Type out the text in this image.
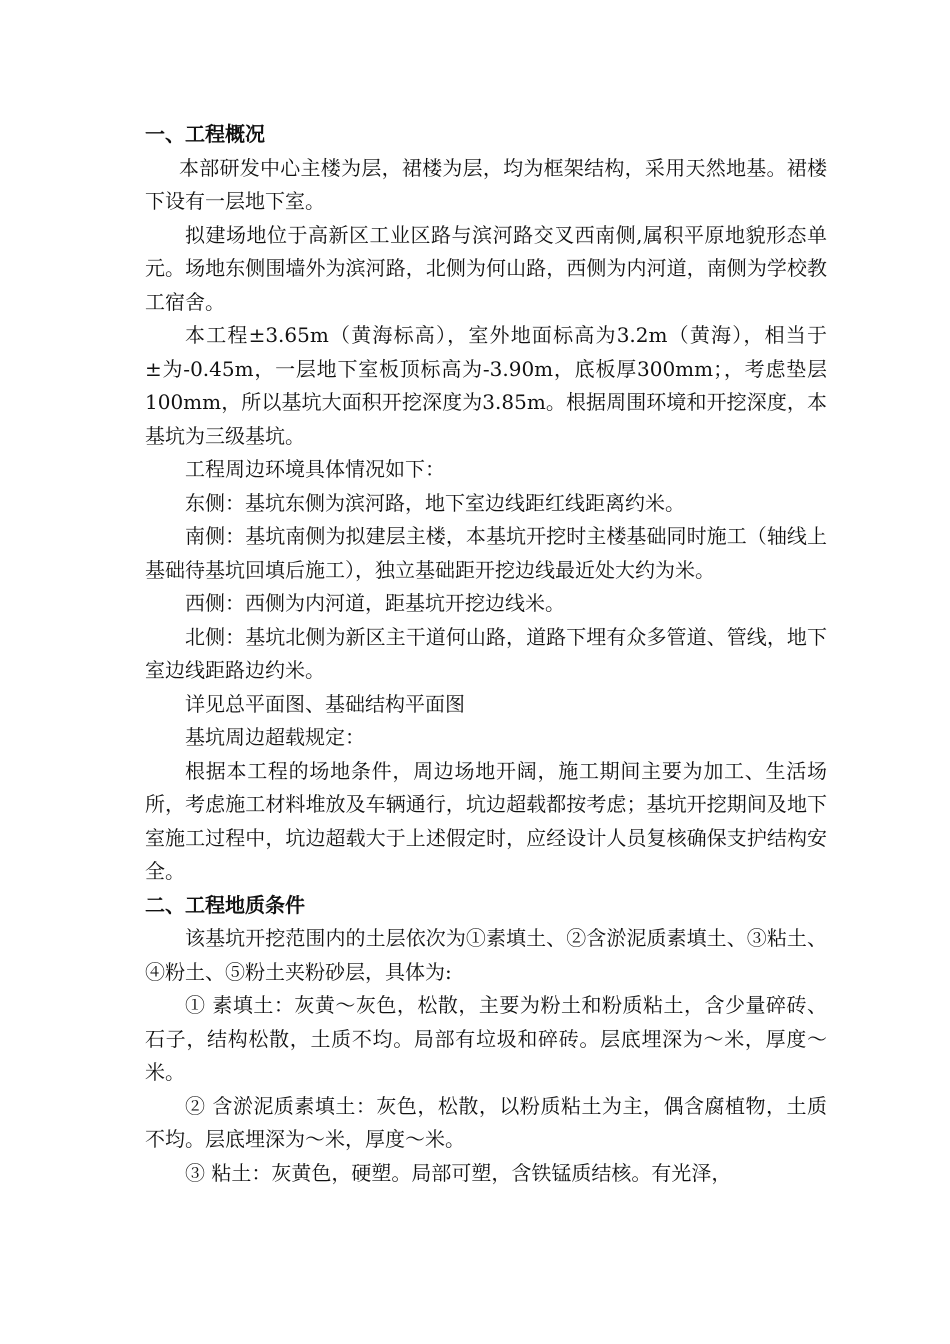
一、工程概况

本部研发中心主楼为层，裙楼为层，均为框架结构，采用天然地基。裙楼下设有一层地下室。

拟建场地位于高新区工业区路与滨河路交叉西南侧,属积平原地貌形态单元。场地东侧围墙外为滨河路，北侧为何山路，西侧为内河道，南侧为学校教工宿舍。

本工程±3.65m（黄海标高），室外地面标高为3.2m（黄海），相当于±为-0.45m，一层地下室板顶标高为-3.90m，底板厚300mm；，考虑垫层100mm，所以基坑大面积开挖深度为3.85m。根据周围环境和开挖深度，本基坑为三级基坑。

工程周边环境具体情况如下：

东侧：基坑东侧为滨河路，地下室边线距红线距离约米。

南侧：基坑南侧为拟建层主楼，本基坑开挖时主楼基础同时施工（轴线上基础待基坑回填后施工），独立基础距开挖边线最近处大约为米。

西侧：西侧为内河道，距基坑开挖边线米。

北侧：基坑北侧为新区主干道何山路，道路下埋有众多管道、管线，地下室边线距路边约米。

详见总平面图、基础结构平面图

基坑周边超载规定：

根据本工程的场地条件，周边场地开阔，施工期间主要为加工、生活场所，考虑施工材料堆放及车辆通行，坑边超载都按考虑；基坑开挖期间及地下室施工过程中，坑边超载大于上述假定时，应经设计人员复核确保支护结构安全。

二、工程地质条件

该基坑开挖范围内的土层依次为①素填土、②含淤泥质素填土、③粘土、④粉土、⑤粉土夹粉砂层，具体为:

① 素填土：灰黄～灰色，松散，主要为粉土和粉质粘土，含少量碎砖、石子，结构松散，土质不均。局部有垃圾和碎砖。层底埋深为～米，厚度～米。

② 含淤泥质素填土：灰色，松散，以粉质粘土为主，偶含腐植物，土质不均。层底埋深为～米，厚度～米。

③ 粘土：灰黄色，硬塑。局部可塑，含铁锰质结核。有光泽，
